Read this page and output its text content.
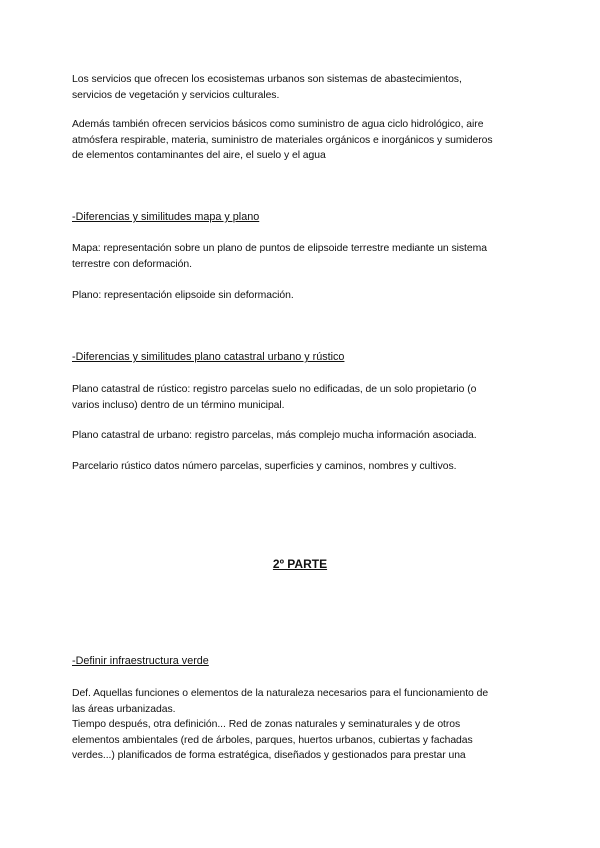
Los servicios que ofrecen los ecosistemas urbanos son sistemas de abastecimientos,
servicios de vegetación y servicios culturales.

Además también ofrecen servicios básicos como suministro de agua ciclo hidrológico, aire
atmósfera respirable, materia, suministro de materiales orgánicos e inorgánicos y sumideros
de elementos contaminantes del aire, el suelo y el agua

-Diferencias y similitudes mapa y plano

Mapa: representación sobre un plano de puntos de elipsoide terrestre mediante un sistema
terrestre con deformación.

Plano: representación elipsoide sin deformación.

-Diferencias y similitudes plano catastral urbano y rústico

Plano catastral de rústico: registro parcelas suelo no edificadas, de un solo propietario (o
varios incluso) dentro de un término municipal.

Plano catastral de urbano: registro parcelas, más complejo mucha información asociada.

Parcelario rústico datos número parcelas, superficies y caminos, nombres y cultivos.

2º PARTE
-Definir infraestructura verde

Def. Aquellas funciones o elementos de la naturaleza necesarios para el funcionamiento de
las áreas urbanizadas.
Tiempo después, otra definición... Red de zonas naturales y seminaturales y de otros
elementos ambientales (red de árboles, parques, huertos urbanos, cubiertas y fachadas
verdes...) planificados de forma estratégica, diseñados y gestionados para prestar una
